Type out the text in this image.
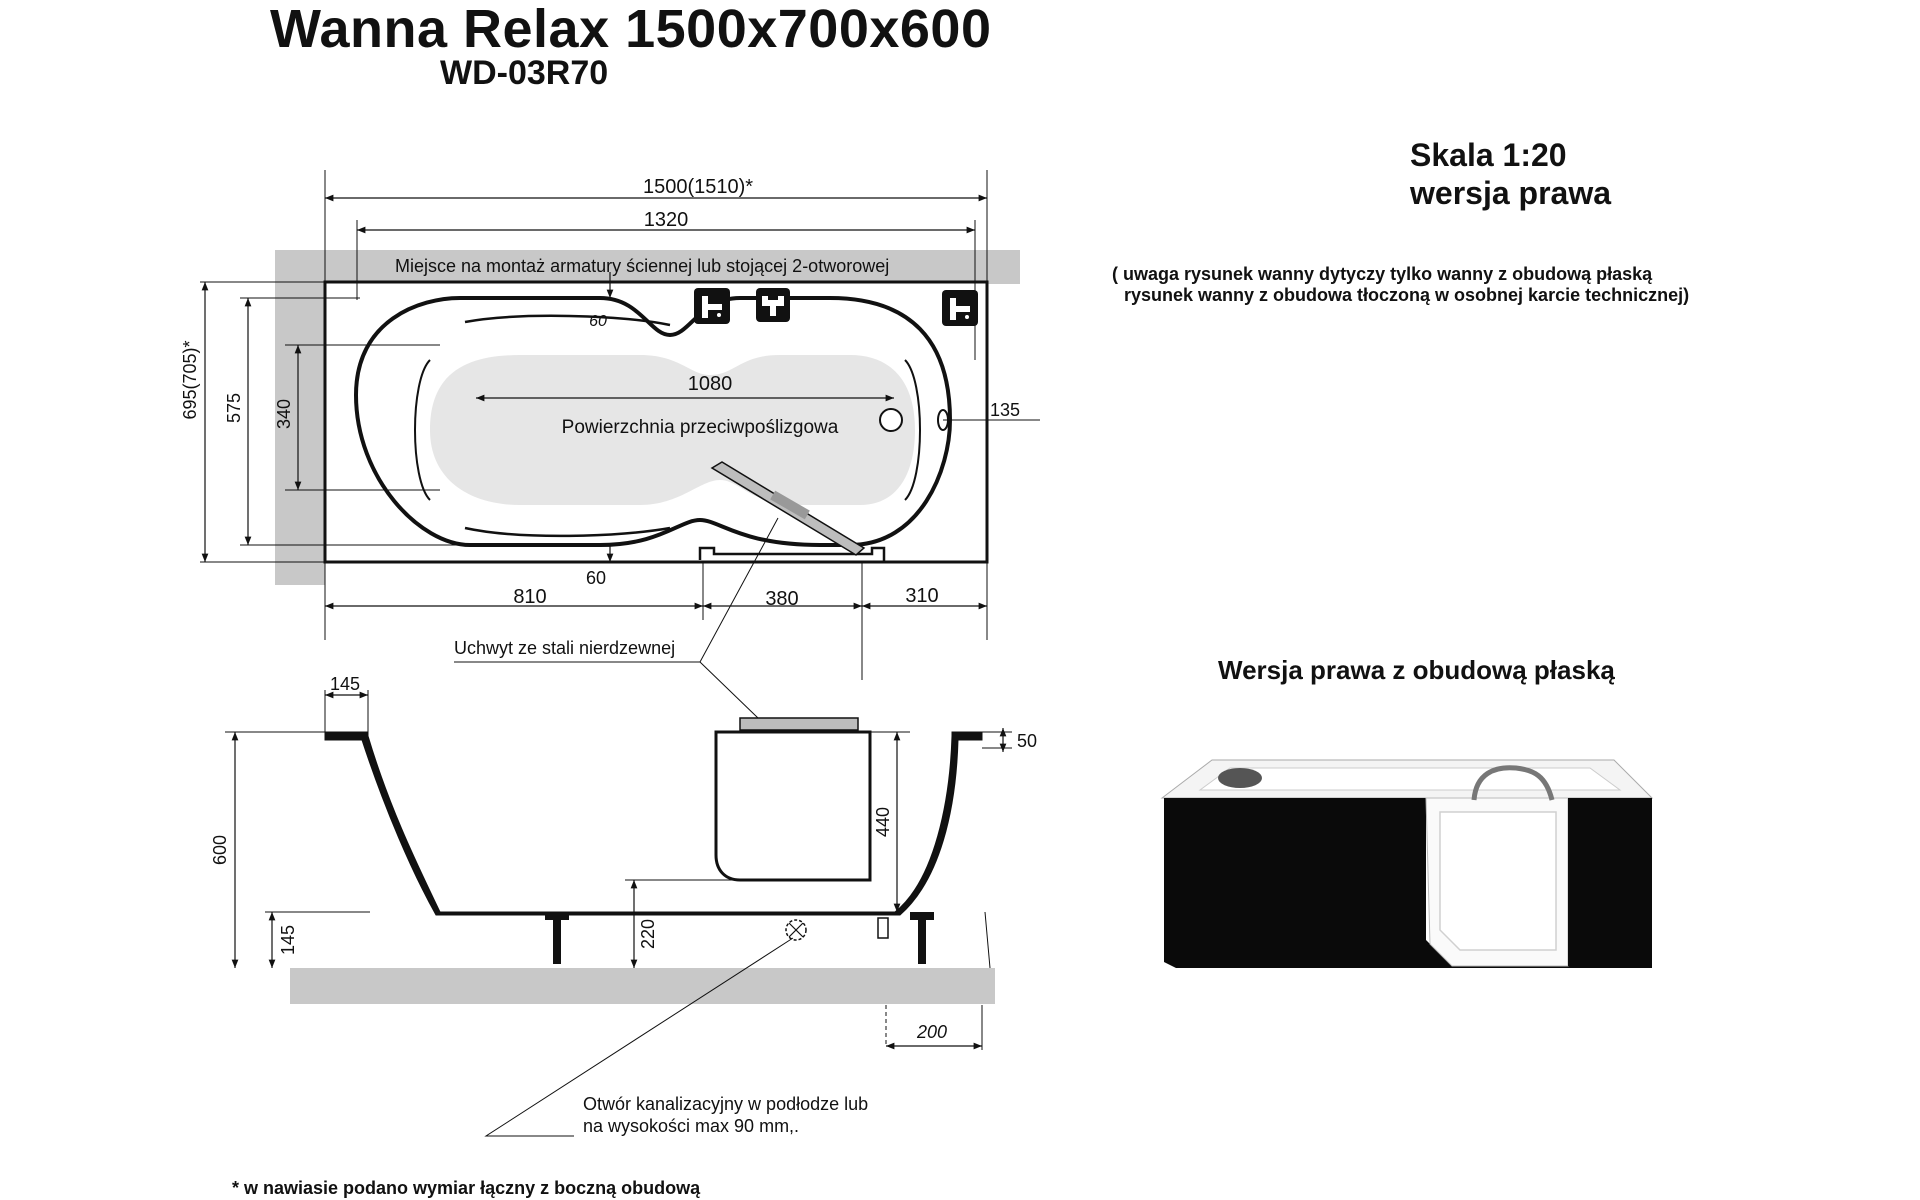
Wanna Relax 1500x700x600
WD-03R70
Skala 1:20
wersja prawa
( uwaga rysunek wanny dytyczy tylko wanny z obudową płaską
rysunek wanny z obudowa tłoczoną w osobnej karcie technicznej)
Wersja prawa z obudową płaską
* w nawiasie podano wymiar łączny z boczną obudową
1500(1510)*
1320
Miejsce na montaż armatury ściennej lub stojącej 2-otworowej
60
1080
Powierzchnia przeciwpoślizgowa
135
695(705)* 575 340
60
810	380	310
Uchwyt ze stali nierdzewnej
145
50
600
440
145	220
200
Otwór kanalizacyjny w podłodze lub
na wysokości max 90 mm,.
